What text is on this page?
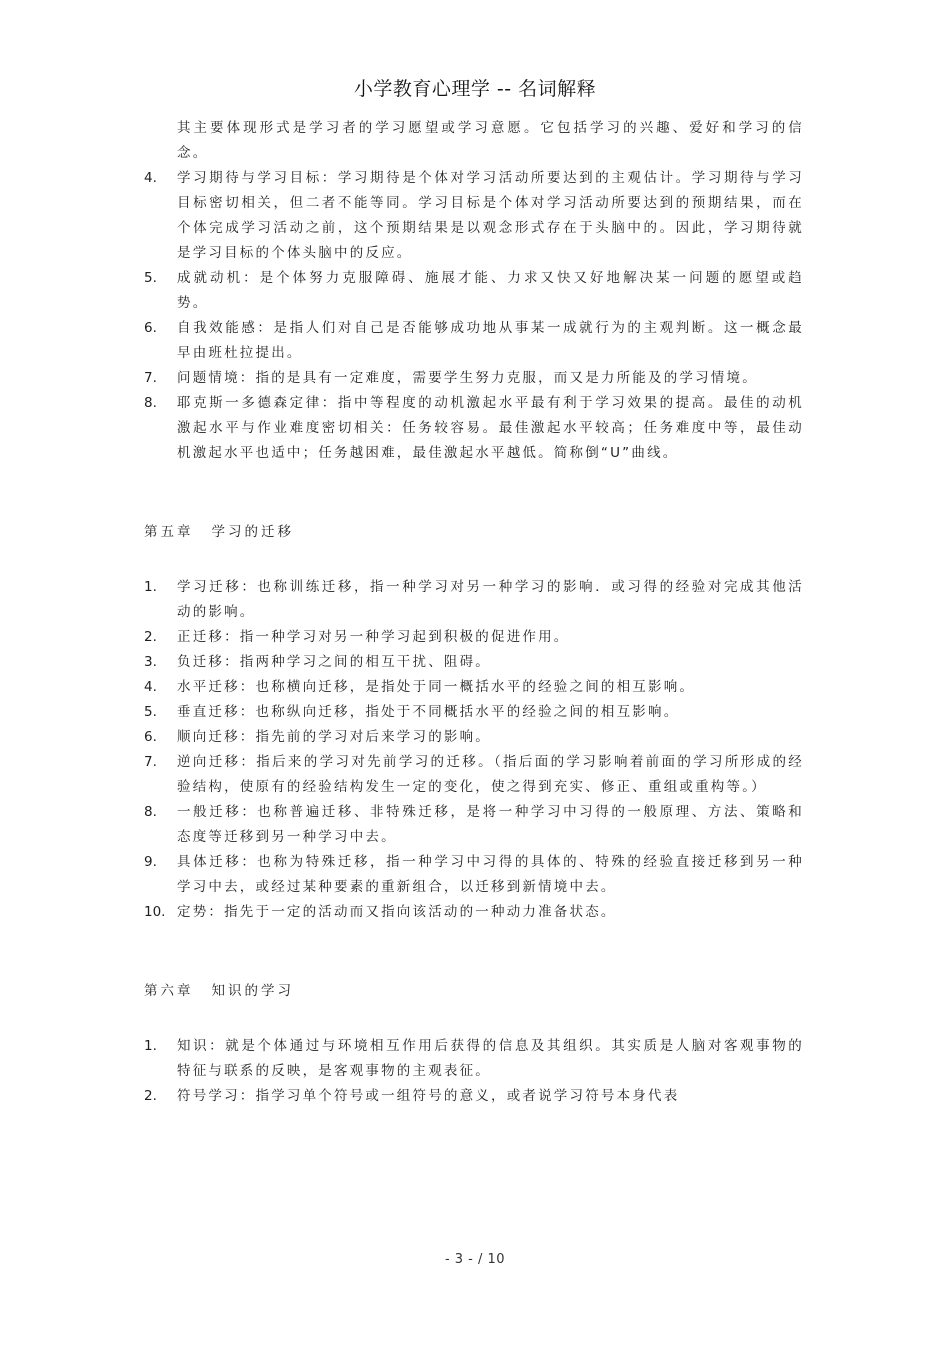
小学教育心理学 -- 名词解释
其主要体现形式是学习者的学习愿望或学习意愿。它包括学习的兴趣、爱好和学习的信念。
4.	学习期待与学习目标：学习期待是个体对学习活动所要达到的主观估计。学习期待与学习目标密切相关，但二者不能等同。学习目标是个体对学习活动所要达到的预期结果，而在个体完成学习活动之前，这个预期结果是以观念形式存在于头脑中的。因此，学习期待就是学习目标的个体头脑中的反应。
5.	成就动机：是个体努力克服障碍、施展才能、力求又快又好地解决某一问题的愿望或趋势。
6.	自我效能感：是指人们对自己是否能够成功地从事某一成就行为的主观判断。这一概念最早由班杜拉提出。
7.	问题情境：指的是具有一定难度，需要学生努力克服，而又是力所能及的学习情境。
8.	耶克斯一多德森定律：指中等程度的动机激起水平最有利于学习效果的提高。最佳的动机激起水平与作业难度密切相关：任务较容易。最佳激起水平较高；任务难度中等，最佳动机激起水平也适中；任务越困难，最佳激起水平越低。简称倒“U”曲线。
第五章 学习的迁移
1.	学习迁移：也称训练迁移，指一种学习对另一种学习的影响．或习得的经验对完成其他活动的影响。
2.	正迁移：指一种学习对另一种学习起到积极的促进作用。
3.	负迁移：指两种学习之间的相互干扰、阻碍。
4.	水平迁移：也称横向迁移，是指处于同一概括水平的经验之间的相互影响。
5.	垂直迁移：也称纵向迁移，指处于不同概括水平的经验之间的相互影响。
6.	顺向迁移：指先前的学习对后来学习的影响。
7.	逆向迁移：指后来的学习对先前学习的迁移。（指后面的学习影响着前面的学习所形成的经验结构，使原有的经验结构发生一定的变化，使之得到充实、修正、重组或重构等。）
8.	一般迁移：也称普遍迁移、非特殊迁移，是将一种学习中习得的一般原理、方法、策略和态度等迁移到另一种学习中去。
9.	具体迁移：也称为特殊迁移，指一种学习中习得的具体的、特殊的经验直接迁移到另一种学习中去，或经过某种要素的重新组合，以迁移到新情境中去。
10. 定势：指先于一定的活动而又指向该活动的一种动力准备状态。
第六章 知识的学习
1.	知识：就是个体通过与环境相互作用后获得的信息及其组织。其实质是人脑对客观事物的特征与联系的反映，是客观事物的主观表征。
2.	符号学习：指学习单个符号或一组符号的意义，或者说学习符号本身代表
- 3 - / 10
